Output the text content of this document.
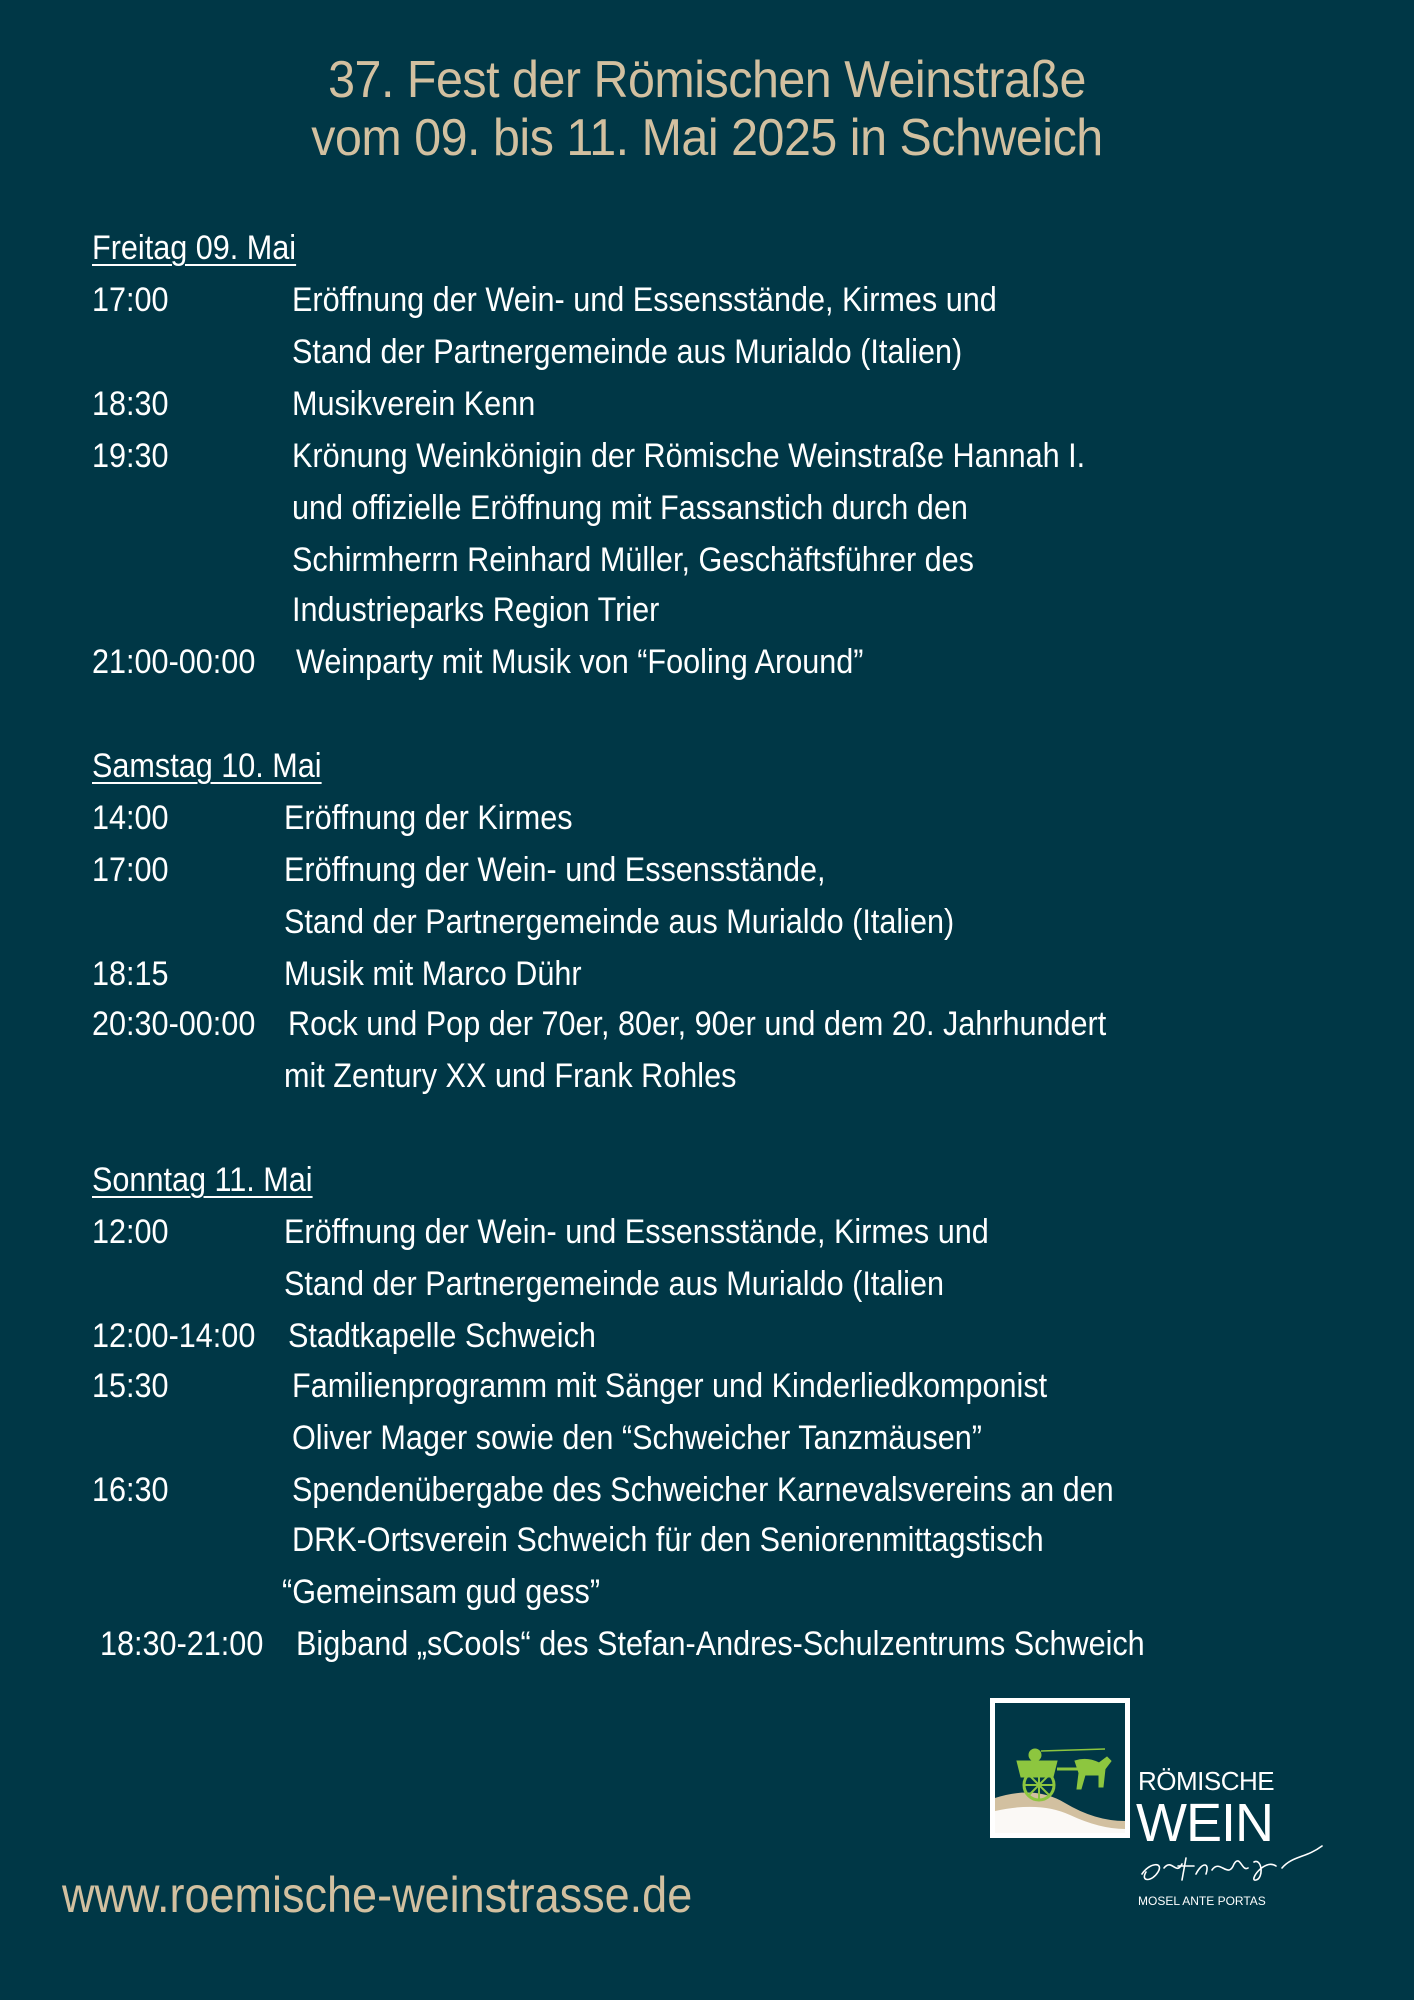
37. Fest der Römischen Weinstraße
vom 09. bis 11. Mai 2025 in Schweich
Freitag 09. Mai
17:00	Eröffnung der Wein- und Essensstände, Kirmes und
Stand der Partnergemeinde aus Murialdo (Italien)
18:30	Musikverein Kenn
19:30	Krönung Weinkönigin der Römische Weinstraße Hannah I.
und offizielle Eröffnung mit Fassanstich durch den
Schirmherrn Reinhard Müller, Geschäftsführer des
Industrieparks Region Trier
21:00-00:00 Weinparty mit Musik von “Fooling Around”
Samstag 10. Mai
14:00	Eröffnung der Kirmes
17:00	Eröffnung der Wein- und Essensstände,
Stand der Partnergemeinde aus Murialdo (Italien)
18:15	Musik mit Marco Dühr
20:30-00:00 Rock und Pop der 70er, 80er, 90er und dem 20. Jahrhundert
mit Zentury XX und Frank Rohles
Sonntag 11. Mai
12:00	Eröffnung der Wein- und Essensstände, Kirmes und
Stand der Partnergemeinde aus Murialdo (Italien
12:00-14:00 Stadtkapelle Schweich
15:30	Familienprogramm mit Sänger und Kinderliedkomponist
Oliver Mager sowie den “Schweicher Tanzmäusen”
16:30	Spendenübergabe des Schweicher Karnevalsvereins an den
DRK-Ortsverein Schweich für den Seniorenmittagstisch
“Gemeinsam gud gess”
18:30-21:00 Bigband „sCools“ des Stefan-Andres-Schulzentrums Schweich
www.roemische-weinstrasse.de
RÖMISCHE
WEIN
MOSEL ANTE PORTAS
